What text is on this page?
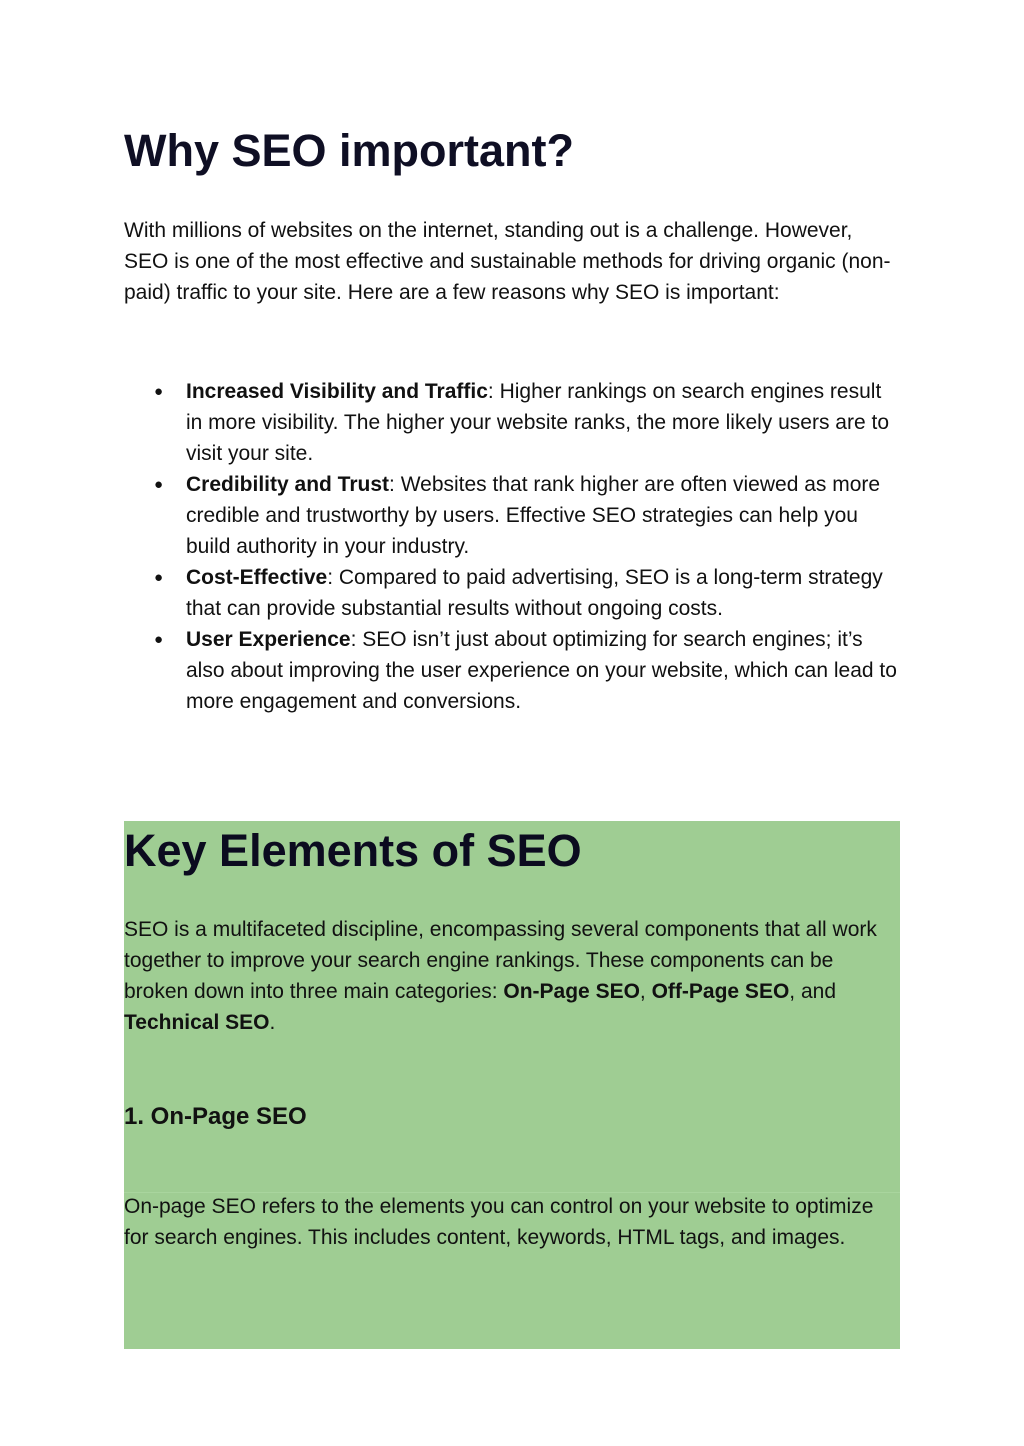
Why SEO important?

With millions of websites on the internet, standing out is a challenge. However, SEO is one of the most effective and sustainable methods for driving organic (non-paid) traffic to your site. Here are a few reasons why SEO is important:

● Increased Visibility and Traffic: Higher rankings on search engines result in more visibility. The higher your website ranks, the more likely users are to visit your site.
● Credibility and Trust: Websites that rank higher are often viewed as more credible and trustworthy by users. Effective SEO strategies can help you build authority in your industry.
● Cost-Effective: Compared to paid advertising, SEO is a long-term strategy that can provide substantial results without ongoing costs.
● User Experience: SEO isn’t just about optimizing for search engines; it’s also about improving the user experience on your website, which can lead to more engagement and conversions.
Key Elements of SEO

SEO is a multifaceted discipline, encompassing several components that all work together to improve your search engine rankings. These components can be broken down into three main categories: On-Page SEO, Off-Page SEO, and Technical SEO.

1. On-Page SEO

On-page SEO refers to the elements you can control on your website to optimize for search engines. This includes content, keywords, HTML tags, and images.
